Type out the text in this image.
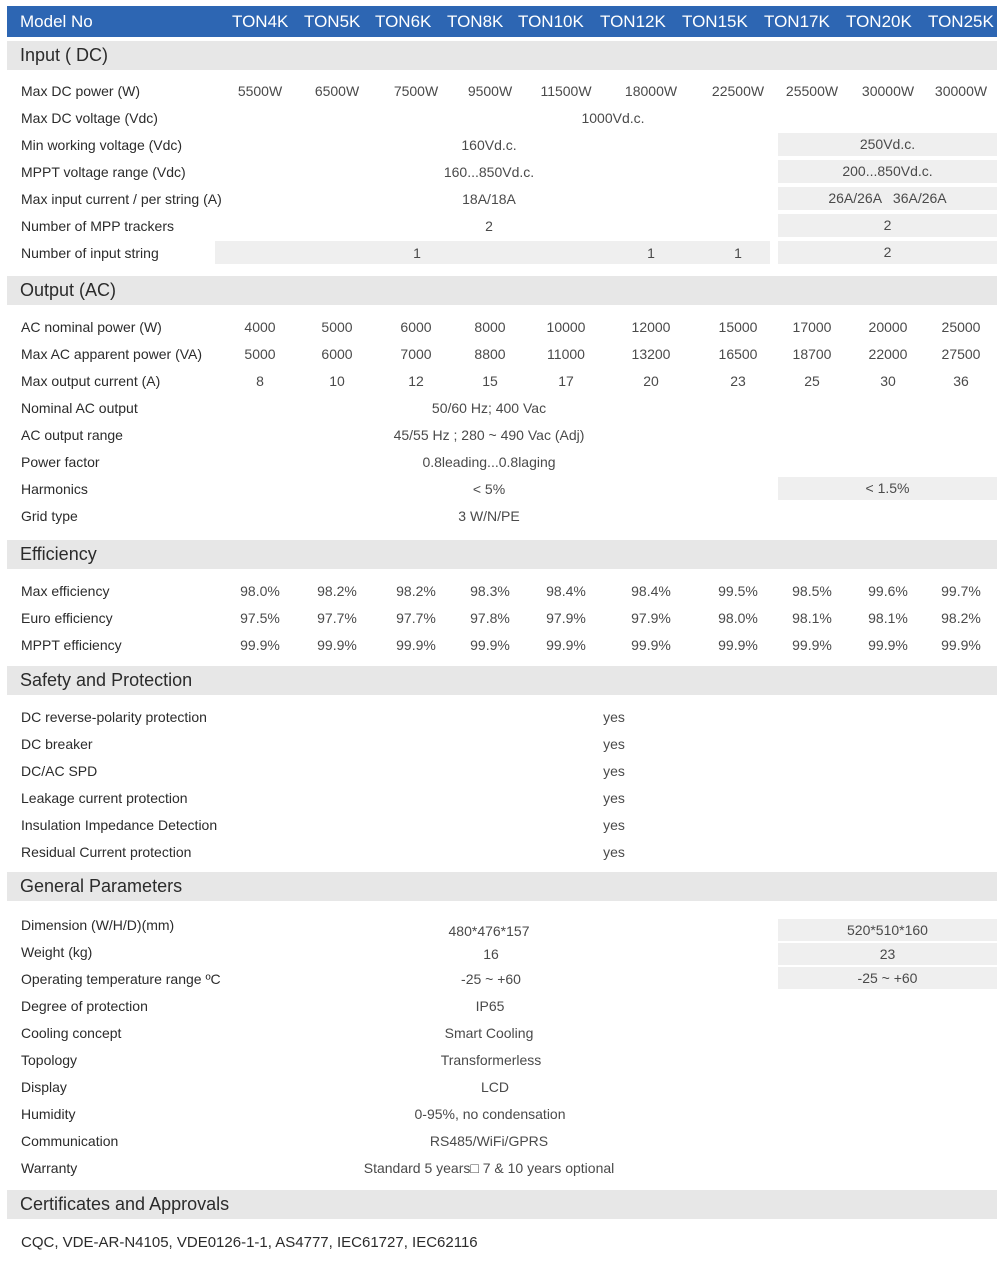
Model No	TON4K TON5K TON6K TON8K TON10K TON12K TON15K TON17K TON20K TON25K
Input ( DC)
Max DC power (W)	5500W 6500W 7500W 9500W 11500W 18000W 22500W 25500W 30000W 30000W
Max DC voltage (Vdc)	1000Vd.c.
Min working voltage (Vdc)	160Vd.c.	250Vd.c.
MPPT voltage range (Vdc)	160...850Vd.c.	200...850Vd.c.
Max input current / per string (A)	18A/18A	26A/26A   36A/26A
Number of MPP trackers	2	2
Number of input string	1	1	1	2
Output (AC)
AC nominal power (W)	4000	5000	6000	8000	10000	12000	15000	17000	20000 25000
Max AC apparent power (VA)	5000	6000	7000	8800	11000	13200	16500	18700	22000 27500
Max output current (A)	8	10	12	15	17	20	23	25	30	36
Nominal AC output	50/60 Hz; 400 Vac
AC output range	45/55 Hz ; 280 ~ 490 Vac (Adj)
Power factor	0.8leading...0.8laging
Harmonics	< 5%	< 1.5%
Grid type	3 W/N/PE
Efficiency
Max efficiency	98.0%	98.2%	98.2% 98.3%	98.4%	98.4%	99.5% 98.5%	99.6% 99.7%
Euro efficiency	97.5%	97.7%	97.7% 97.8%	97.9%	97.9%	98.0% 98.1%	98.1% 98.2%
MPPT efficiency	99.9%	99.9%	99.9% 99.9%	99.9%	99.9%	99.9% 99.9%	99.9% 99.9%
Safety and Protection
DC reverse-polarity protection	yes
DC breaker	yes
DC/AC SPD	yes
Leakage current protection	yes
Insulation Impedance Detection	yes
Residual Current protection	yes
General Parameters
Dimension (W/H/D)(mm)	480*476*157	520*510*160
Weight (kg)	16	23
Operating temperature range ºC	-25 ~ +60	-25 ~ +60
Degree of protection	IP65
Cooling concept	Smart Cooling
Topology	Transformerless
Display	LCD
Humidity	0-95%, no condensation
Communication	RS485/WiFi/GPRS
Warranty	Standard 5 years□ 7 & 10 years optional
Certificates and Approvals
CQC, VDE-AR-N4105, VDE0126-1-1, AS4777, IEC61727, IEC62116
